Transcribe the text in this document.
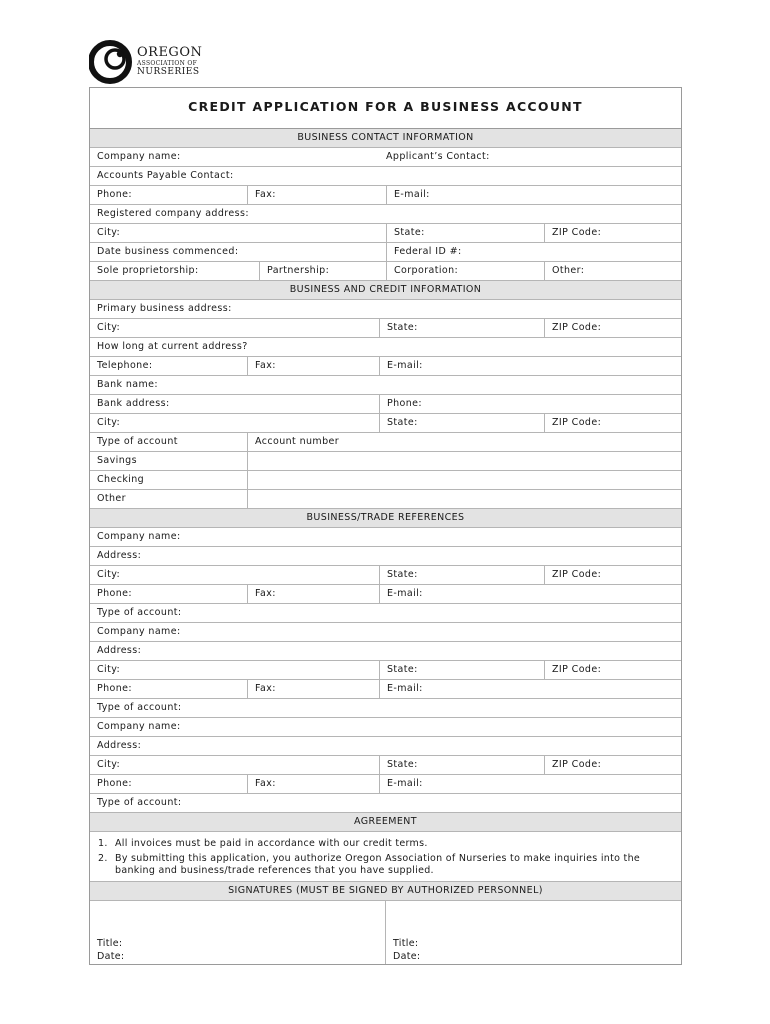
OREGON
ASSOCIATION OF
NURSERIES
CREDIT APPLICATION FOR A BUSINESS ACCOUNT
BUSINESS CONTACT INFORMATION
Company name:	Applicant’s Contact:
Accounts Payable Contact:
Phone:	Fax:	E-mail:
Registered company address:
City:	State:	ZIP Code:
Date business commenced:	Federal ID #:
Sole proprietorship:	Partnership:	Corporation:	Other:
BUSINESS AND CREDIT INFORMATION
Primary business address:
City:	State:	ZIP Code:
How long at current address?
Telephone:	Fax:	E-mail:
Bank name:
Bank address:	Phone:
City:	State:	ZIP Code:
Type of account	Account number
Savings
Checking
Other
BUSINESS/TRADE REFERENCES
Company name:
Address:
City:	State:	ZIP Code:
Phone:	Fax:	E-mail:
Type of account:
Company name:
Address:
City:	State:	ZIP Code:
Phone:	Fax:	E-mail:
Type of account:
Company name:
Address:
City:	State:	ZIP Code:
Phone:	Fax:	E-mail:
Type of account:
AGREEMENT
1. All invoices must be paid in accordance with our credit terms.
2. By submitting this application, you authorize Oregon Association of Nurseries to make inquiries into the banking and business/trade references that you have supplied.
SIGNATURES (MUST BE SIGNED BY AUTHORIZED PERSONNEL)
Title:
Date:
Title:
Date:
